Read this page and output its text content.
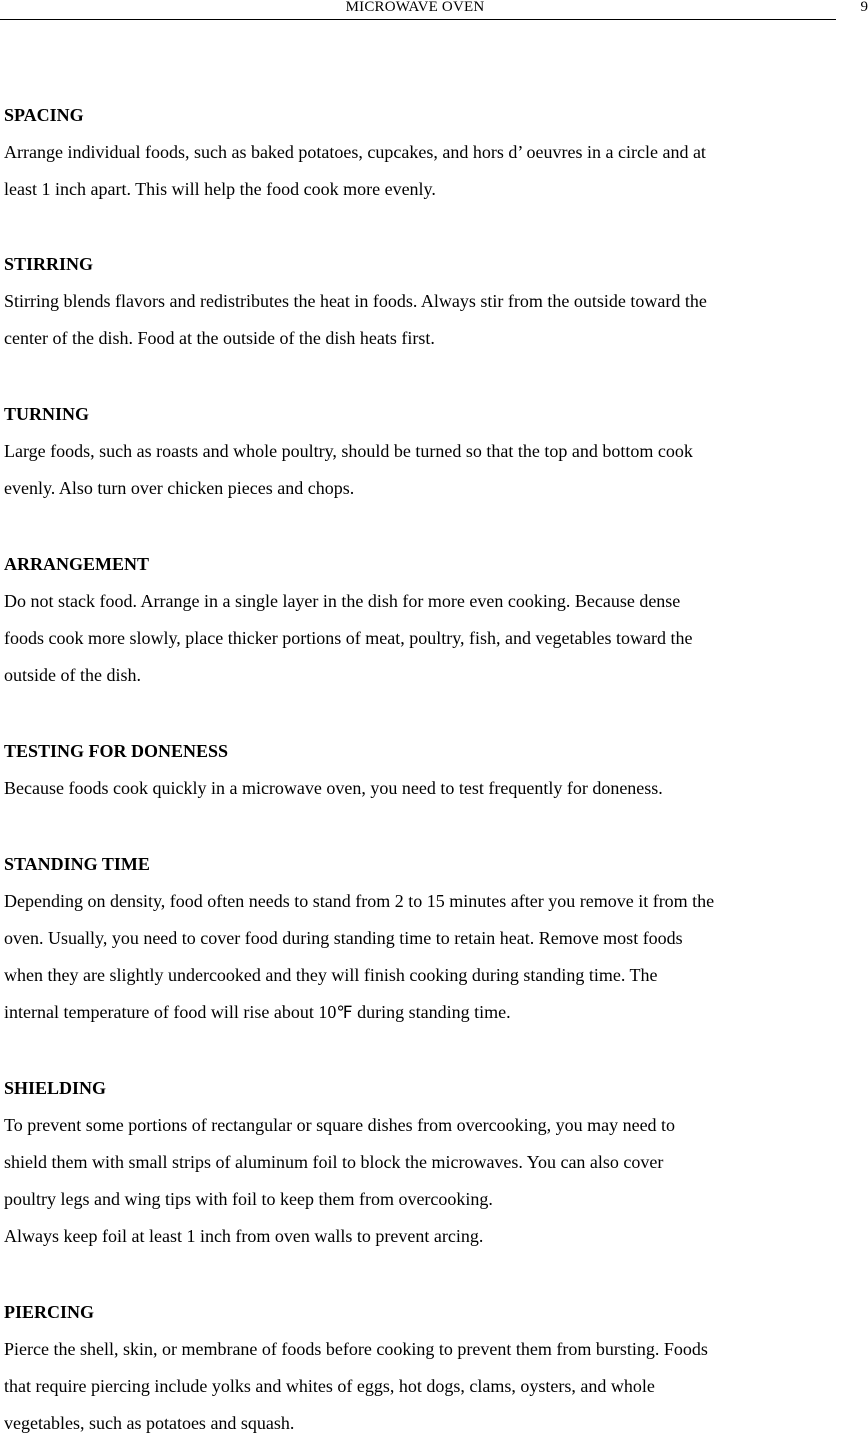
MICROWAVE OVEN	9
SPACING

Arrange individual foods, such as baked potatoes, cupcakes, and hors d’ oeuvres in a circle and at
least 1 inch apart. This will help the food cook more evenly.

STIRRING

Stirring blends flavors and redistributes the heat in foods. Always stir from the outside toward the
center of the dish. Food at the outside of the dish heats first.

TURNING

Large foods, such as roasts and whole poultry, should be turned so that the top and bottom cook
evenly. Also turn over chicken pieces and chops.

ARRANGEMENT

Do not stack food. Arrange in a single layer in the dish for more even cooking. Because dense
foods cook more slowly, place thicker portions of meat, poultry, fish, and vegetables toward the
outside of the dish.

TESTING FOR DONENESS

Because foods cook quickly in a microwave oven, you need to test frequently for doneness.

STANDING TIME

Depending on density, food often needs to stand from 2 to 15 minutes after you remove it from the
oven. Usually, you need to cover food during standing time to retain heat. Remove most foods
when they are slightly undercooked and they will finish cooking during standing time. The
internal temperature of food will rise about 10℉ during standing time.

SHIELDING

To prevent some portions of rectangular or square dishes from overcooking, you may need to
shield them with small strips of aluminum foil to block the microwaves. You can also cover
poultry legs and wing tips with foil to keep them from overcooking.
Always keep foil at least 1 inch from oven walls to prevent arcing.

PIERCING

Pierce the shell, skin, or membrane of foods before cooking to prevent them from bursting. Foods
that require piercing include yolks and whites of eggs, hot dogs, clams, oysters, and whole
vegetables, such as potatoes and squash.
